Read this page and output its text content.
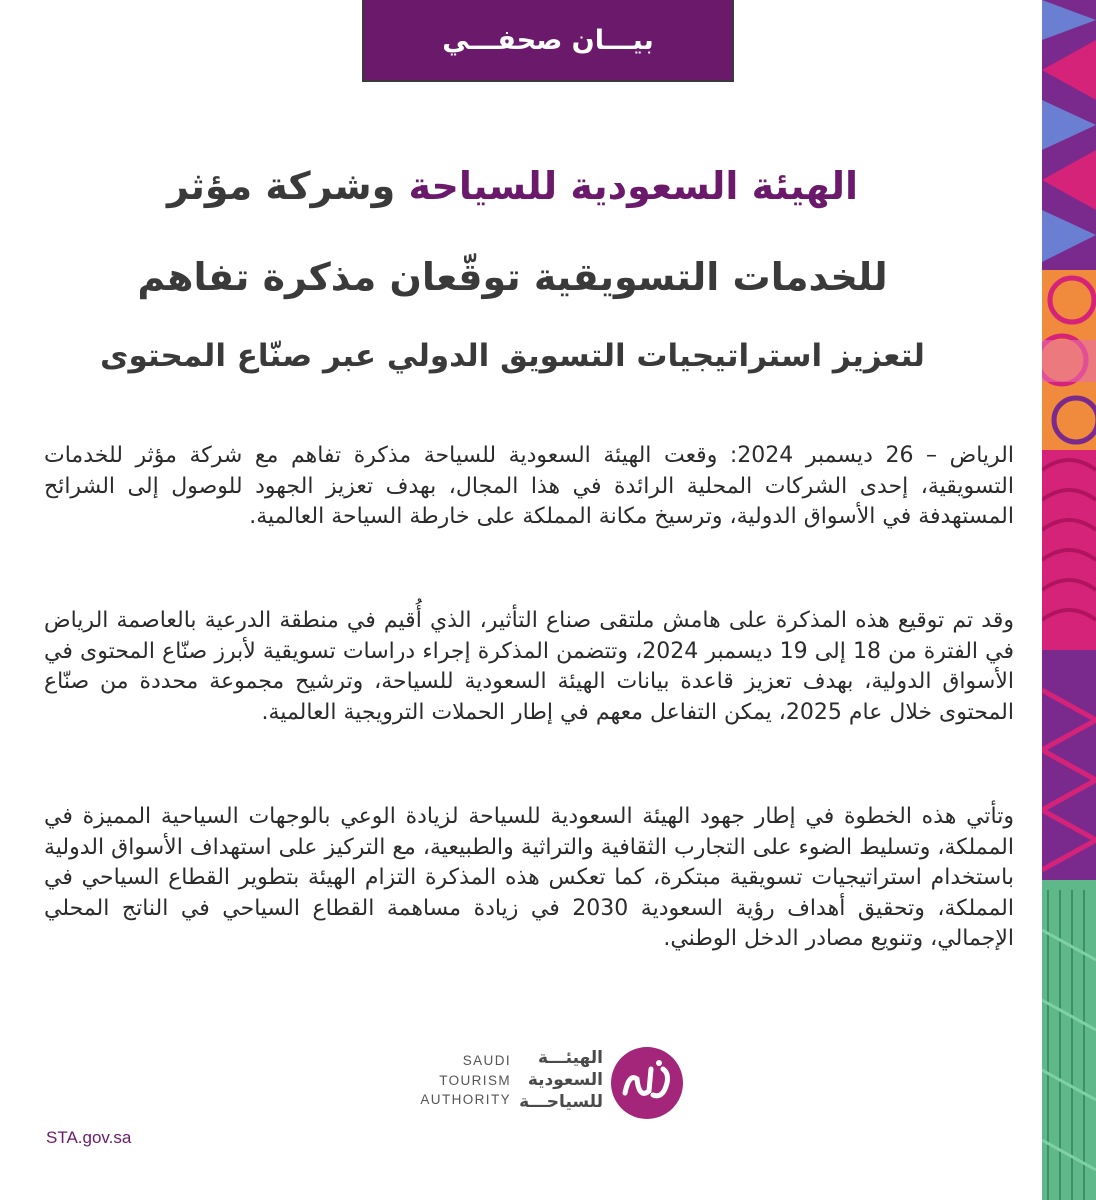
بيـــان صحفـــي
الهيئة السعودية للسياحة وشركة مؤثر
للخدمات التسويقية توقّعان مذكرة تفاهم
لتعزيز استراتيجيات التسويق الدولي عبر صنّاع المحتوى
الرياض – 26 ديسمبر 2024: وقعت الهيئة السعودية للسياحة مذكرة تفاهم مع شركة مؤثر للخدمات التسويقية، إحدى الشركات المحلية الرائدة في هذا المجال، بهدف تعزيز الجهود للوصول إلى الشرائح المستهدفة في الأسواق الدولية، وترسيخ مكانة المملكة على خارطة السياحة العالمية.
وقد تم توقيع هذه المذكرة على هامش ملتقى صناع التأثير، الذي أُقيم في منطقة الدرعية بالعاصمة الرياض في الفترة من 18 إلى 19 ديسمبر 2024، وتتضمن المذكرة إجراء دراسات تسويقية لأبرز صنّاع المحتوى في الأسواق الدولية، بهدف تعزيز قاعدة بيانات الهيئة السعودية للسياحة، وترشيح مجموعة محددة من صنّاع المحتوى خلال عام 2025، يمكن التفاعل معهم في إطار الحملات الترويجية العالمية.
وتأتي هذه الخطوة في إطار جهود الهيئة السعودية للسياحة لزيادة الوعي بالوجهات السياحية المميزة في المملكة، وتسليط الضوء على التجارب الثقافية والتراثية والطبيعية، مع التركيز على استهداف الأسواق الدولية باستخدام استراتيجيات تسويقية مبتكرة، كما تعكس هذه المذكرة التزام الهيئة بتطوير القطاع السياحي في المملكة، وتحقيق أهداف رؤية السعودية 2030 في زيادة مساهمة القطاع السياحي في الناتج المحلي الإجمالي، وتنويع مصادر الدخل الوطني.
SAUDI
TOURISM
AUTHORITY
الهيئـــة
السعودية
للسياحـــة
STA.gov.sa
